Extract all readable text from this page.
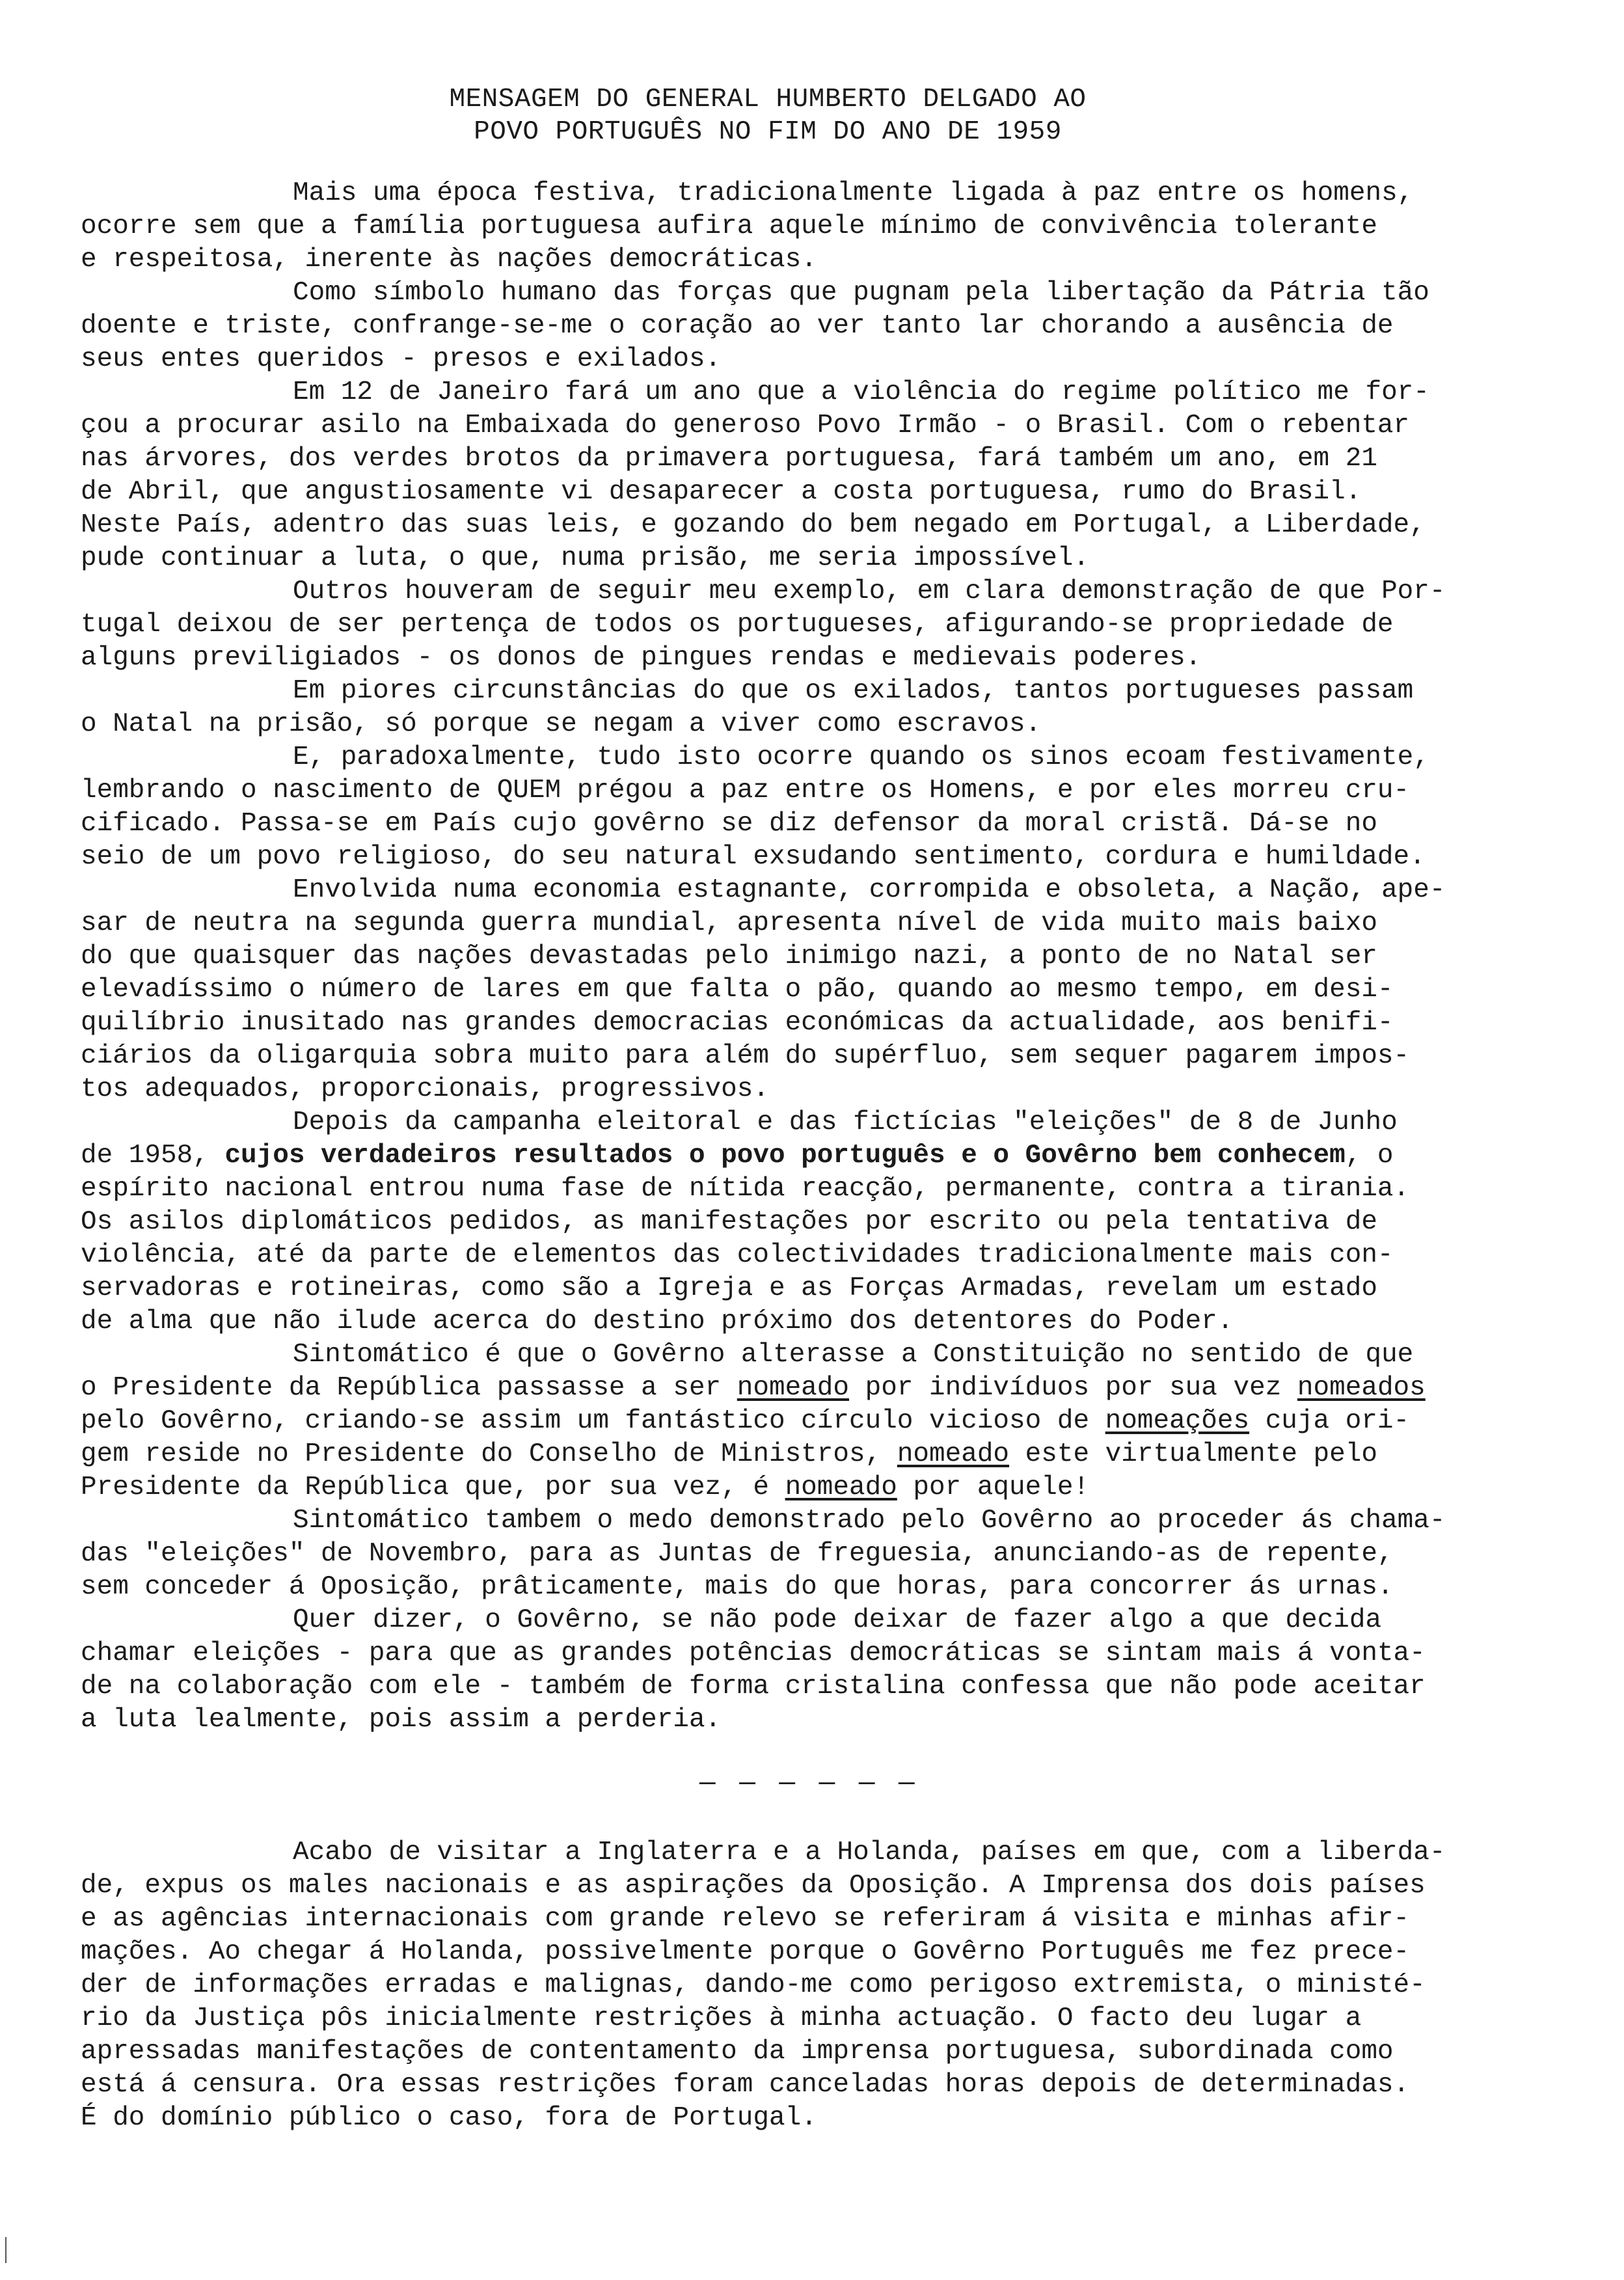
MENSAGEM DO GENERAL HUMBERTO DELGADO AO
POVO PORTUGUÊS NO FIM DO ANO DE 1959
Mais uma época festiva, tradicionalmente ligada à paz entre os homens,
ocorre sem que a família portuguesa aufira aquele mínimo de convivência tolerante
e respeitosa, inerente às nações democráticas.
Como símbolo humano das forças que pugnam pela libertação da Pátria tão
doente e triste, confrange-se-me o coração ao ver tanto lar chorando a ausência de
seus entes queridos - presos e exilados.
Em 12 de Janeiro fará um ano que a violência do regime político me for-
çou a procurar asilo na Embaixada do generoso Povo Irmão - o Brasil. Com o rebentar
nas árvores, dos verdes brotos da primavera portuguesa, fará também um ano, em 21
de Abril, que angustiosamente vi desaparecer a costa portuguesa, rumo do Brasil.
Neste País, adentro das suas leis, e gozando do bem negado em Portugal, a Liberdade,
pude continuar a luta, o que, numa prisão, me seria impossível.
Outros houveram de seguir meu exemplo, em clara demonstração de que Por-
tugal deixou de ser pertença de todos os portugueses, afigurando-se propriedade de
alguns previligiados - os donos de pingues rendas e medievais poderes.
Em piores circunstâncias do que os exilados, tantos portugueses passam
o Natal na prisão, só porque se negam a viver como escravos.
E, paradoxalmente, tudo isto ocorre quando os sinos ecoam festivamente,
lembrando o nascimento de QUEM prégou a paz entre os Homens, e por eles morreu cru-
cificado. Passa-se em País cujo govêrno se diz defensor da moral cristã. Dá-se no
seio de um povo religioso, do seu natural exsudando sentimento, cordura e humildade.
Envolvida numa economia estagnante, corrompida e obsoleta, a Nação, ape-
sar de neutra na segunda guerra mundial, apresenta nível de vida muito mais baixo
do que quaisquer das nações devastadas pelo inimigo nazi, a ponto de no Natal ser
elevadíssimo o número de lares em que falta o pão, quando ao mesmo tempo, em desi-
quilíbrio inusitado nas grandes democracias económicas da actualidade, aos benifi-
ciários da oligarquia sobra muito para além do supérfluo, sem sequer pagarem impos-
tos adequados, proporcionais, progressivos.
Depois da campanha eleitoral e das fictícias "eleições" de 8 de Junho
de 1958, cujos verdadeiros resultados o povo português e o Govêrno bem conhecem, o
espírito nacional entrou numa fase de nítida reacção, permanente, contra a tirania.
Os asilos diplomáticos pedidos, as manifestações por escrito ou pela tentativa de
violência, até da parte de elementos das colectividades tradicionalmente mais con-
servadoras e rotineiras, como são a Igreja e as Forças Armadas, revelam um estado
de alma que não ilude acerca do destino próximo dos detentores do Poder.
Sintomático é que o Govêrno alterasse a Constituição no sentido de que
o Presidente da República passasse a ser nomeado por indivíduos por sua vez nomeados
pelo Govêrno, criando-se assim um fantástico círculo vicioso de nomeações cuja ori-
gem reside no Presidente do Conselho de Ministros, nomeado este virtualmente pelo
Presidente da República que, por sua vez, é nomeado por aquele!
Sintomático tambem o medo demonstrado pelo Govêrno ao proceder ás chama-
das "eleições" de Novembro, para as Juntas de freguesia, anunciando-as de repente,
sem conceder á Oposição, prâticamente, mais do que horas, para concorrer ás urnas.
Quer dizer, o Govêrno, se não pode deixar de fazer algo a que decida
chamar eleições - para que as grandes potências democráticas se sintam mais á vonta-
de na colaboração com ele - também de forma cristalina confessa que não pode aceitar
a luta lealmente, pois assim a perderia.
Acabo de visitar a Inglaterra e a Holanda, países em que, com a liberda-
de, expus os males nacionais e as aspirações da Oposição. A Imprensa dos dois países
e as agências internacionais com grande relevo se referiram á visita e minhas afir-
mações. Ao chegar á Holanda, possivelmente porque o Govêrno Português me fez prece-
der de informações erradas e malignas, dando-me como perigoso extremista, o ministé-
rio da Justiça pôs inicialmente restrições à minha actuação. O facto deu lugar a
apressadas manifestações de contentamento da imprensa portuguesa, subordinada como
está á censura. Ora essas restrições foram canceladas horas depois de determinadas.
É do domínio público o caso, fora de Portugal.
— — — — — —
